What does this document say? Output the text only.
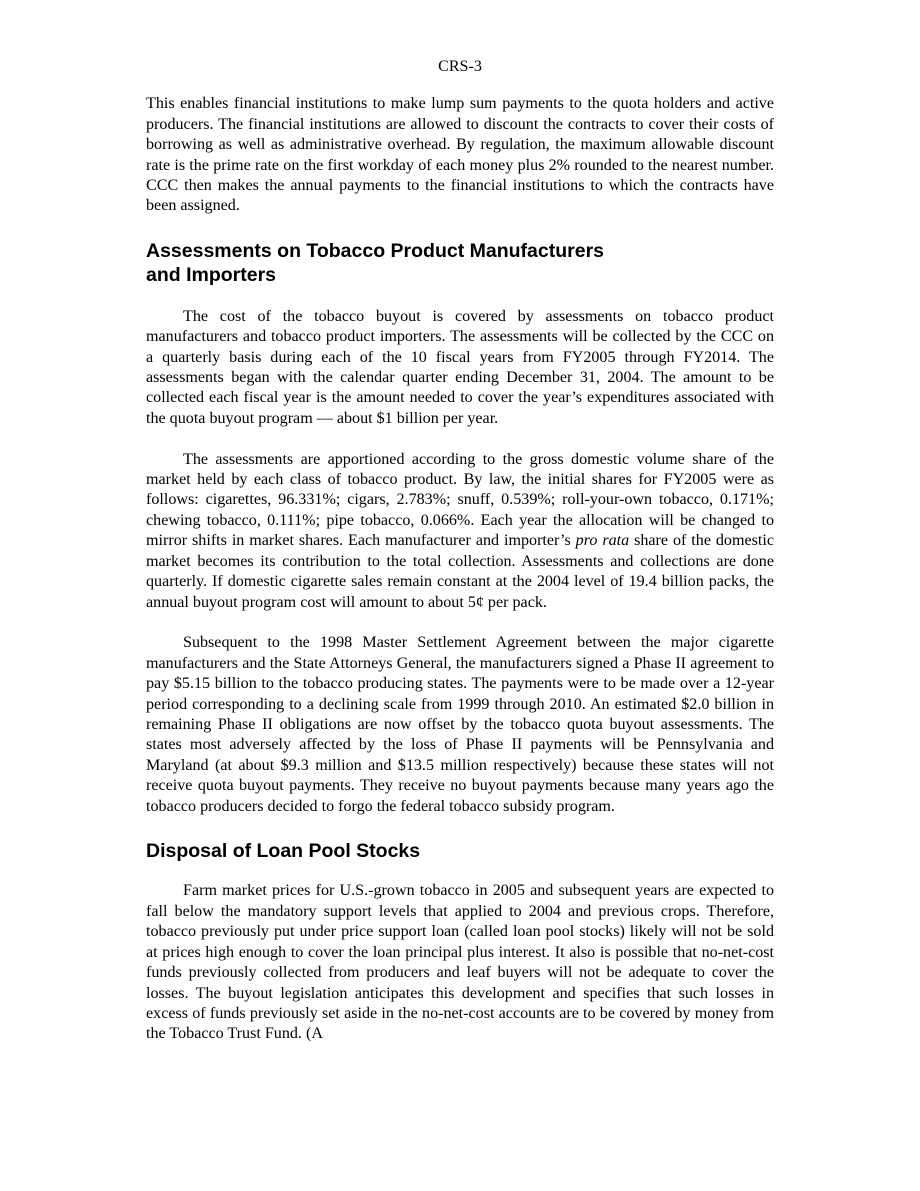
CRS-3

This enables financial institutions to make lump sum payments to the quota holders and active producers. The financial institutions are allowed to discount the contracts to cover their costs of borrowing as well as administrative overhead. By regulation, the maximum allowable discount rate is the prime rate on the first workday of each money plus 2% rounded to the nearest number. CCC then makes the annual payments to the financial institutions to which the contracts have been assigned.

Assessments on Tobacco Product Manufacturers
and Importers

The cost of the tobacco buyout is covered by assessments on tobacco product manufacturers and tobacco product importers. The assessments will be collected by the CCC on a quarterly basis during each of the 10 fiscal years from FY2005 through FY2014. The assessments began with the calendar quarter ending December 31, 2004. The amount to be collected each fiscal year is the amount needed to cover the year’s expenditures associated with the quota buyout program — about $1 billion per year.

The assessments are apportioned according to the gross domestic volume share of the market held by each class of tobacco product. By law, the initial shares for FY2005 were as follows: cigarettes, 96.331%; cigars, 2.783%; snuff, 0.539%; roll-your-own tobacco, 0.171%; chewing tobacco, 0.111%; pipe tobacco, 0.066%. Each year the allocation will be changed to mirror shifts in market shares. Each manufacturer and importer’s pro rata share of the domestic market becomes its contribution to the total collection. Assessments and collections are done quarterly. If domestic cigarette sales remain constant at the 2004 level of 19.4 billion packs, the annual buyout program cost will amount to about 5¢ per pack.

Subsequent to the 1998 Master Settlement Agreement between the major cigarette manufacturers and the State Attorneys General, the manufacturers signed a Phase II agreement to pay $5.15 billion to the tobacco producing states. The payments were to be made over a 12-year period corresponding to a declining scale from 1999 through 2010. An estimated $2.0 billion in remaining Phase II obligations are now offset by the tobacco quota buyout assessments. The states most adversely affected by the loss of Phase II payments will be Pennsylvania and Maryland (at about $9.3 million and $13.5 million respectively) because these states will not receive quota buyout payments. They receive no buyout payments because many years ago the tobacco producers decided to forgo the federal tobacco subsidy program.

Disposal of Loan Pool Stocks

Farm market prices for U.S.-grown tobacco in 2005 and subsequent years are expected to fall below the mandatory support levels that applied to 2004 and previous crops. Therefore, tobacco previously put under price support loan (called loan pool stocks) likely will not be sold at prices high enough to cover the loan principal plus interest. It also is possible that no-net-cost funds previously collected from producers and leaf buyers will not be adequate to cover the losses. The buyout legislation anticipates this development and specifies that such losses in excess of funds previously set aside in the no-net-cost accounts are to be covered by money from the Tobacco Trust Fund. (A
